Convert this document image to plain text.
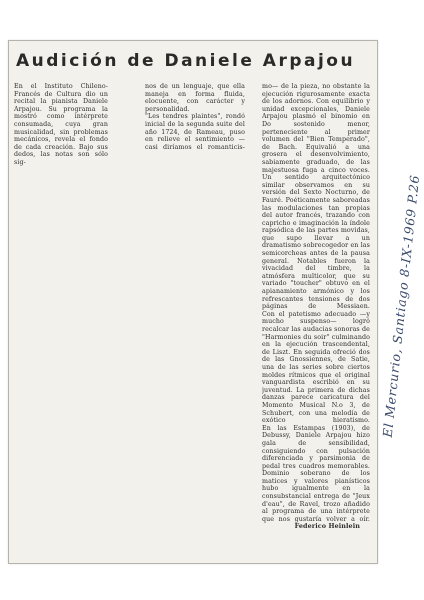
Audición de Daniele Arpajou

En el Instituto Chileno-Francés de Cultura dio un recital la pianista Daniele Arpajou. Su programa la mostró como intérprete consumada, cuya gran musicalidad, sin problemas mecánicos, revela el fondo de cada creación. Bajo sus dedos, las notas son sólo sig-

nos de un lenguaje, que ella maneja en forma fluida, elocuente, con carácter y personalidad.

"Les tendres plaintes", rondó inicial de la segunda suite del año 1724, de Rameau, puso en relieve el sentimiento —casi diríamos el romanticis-

mo— de la pieza, no obstante la ejecución rigurosamente exacta de los adornos. Con equilibrio y unidad excepcionales, Daniele Arpajou plasmó el binomio en Do sostenido menor, perteneciente al primer volumen del "Bien Temperado", de Bach. Equivalió a una grosera el desenvolvimiento, sabiamente graduado, de las majestuosa fuga a cinco voces.

Un sentido arquitectónico similar observamos en su versión del Sexto Nocturno, de Fauré. Poéticamente saboreadas las modulaciones tan propias del autor francés, trazando con capricho e imaginación la índole rapsódica de las partes movidas, que supo llevar a un dramatismo sobrecogedor en las semicorcheas antes de la pausa general. Notables fueron la vivacidad del timbre, la atmósfera multicolor, que su variado "toucher" obtuvo en el apianamiento armónico y los refrescantes tensiones de dos páginas de Messiaen.

Con el patetismo adecuado —y mucho suspenso— logró recalcar las audacias sonoras de "Harmonies du soir" culminando en la ejecución trascendental, de Liszt. En seguida ofreció dos de las Gnossiennes, de Satie, una de las series sobre ciertos moldes rítmicos que el original vanguardista escribió en su juventud. La primera de dichas danzas parece caricatura del Momento Musical N.o 3, de Schubert, con una melodía de exótico hieratismo.

En las Estampas (1903), de Debussy, Daniele Arpajou hizo gala de sensibilidad, consiguiendo con pulsación diferenciada y parsimonia de pedal tres cuadros memorables. Dominio soberano de los matices y valores pianísticos hubo igualmente en la consubstancial entrega de "Jeux d'eau", de Ravel, trozo añadido al programa de una intérprete que nos gustaría volver a oír.

Federico Heinlein

El Mercurio, Santiago 8-IX-1969 P.26
